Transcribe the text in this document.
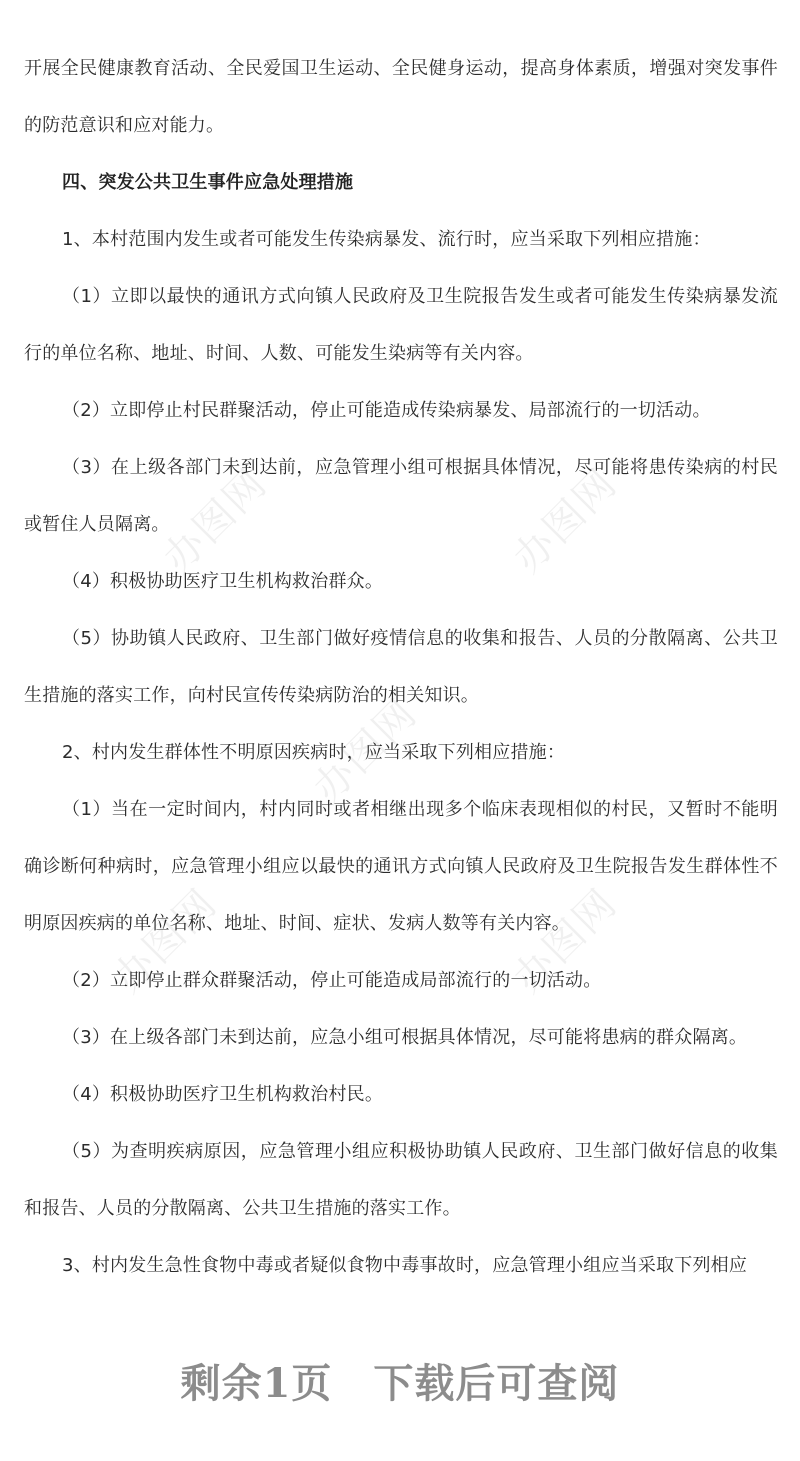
办图网	办图网
办图网
办图网	办图网

开展全民健康教育活动、全民爱国卫生运动、全民健身运动，提高身体素质，增强对突发事件的防范意识和应对能力。

四、突发公共卫生事件应急处理措施

1、本村范围内发生或者可能发生传染病暴发、流行时，应当采取下列相应措施：

（1）立即以最快的通讯方式向镇人民政府及卫生院报告发生或者可能发生传染病暴发流行的单位名称、地址、时间、人数、可能发生染病等有关内容。

（2）立即停止村民群聚活动，停止可能造成传染病暴发、局部流行的一切活动。

（3）在上级各部门未到达前，应急管理小组可根据具体情况，尽可能将患传染病的村民或暂住人员隔离。

（4）积极协助医疗卫生机构救治群众。

（5）协助镇人民政府、卫生部门做好疫情信息的收集和报告、人员的分散隔离、公共卫生措施的落实工作，向村民宣传传染病防治的相关知识。

2、村内发生群体性不明原因疾病时，应当采取下列相应措施：

（1）当在一定时间内，村内同时或者相继出现多个临床表现相似的村民，又暂时不能明确诊断何种病时，应急管理小组应以最快的通讯方式向镇人民政府及卫生院报告发生群体性不明原因疾病的单位名称、地址、时间、症状、发病人数等有关内容。

（2）立即停止群众群聚活动，停止可能造成局部流行的一切活动。

（3）在上级各部门未到达前，应急小组可根据具体情况，尽可能将患病的群众隔离。

（4）积极协助医疗卫生机构救治村民。

（5）为查明疾病原因，应急管理小组应积极协助镇人民政府、卫生部门做好信息的收集和报告、人员的分散隔离、公共卫生措施的落实工作。

3、村内发生急性食物中毒或者疑似食物中毒事故时，应急管理小组应当采取下列相应

剩余1页　下载后可查阅
